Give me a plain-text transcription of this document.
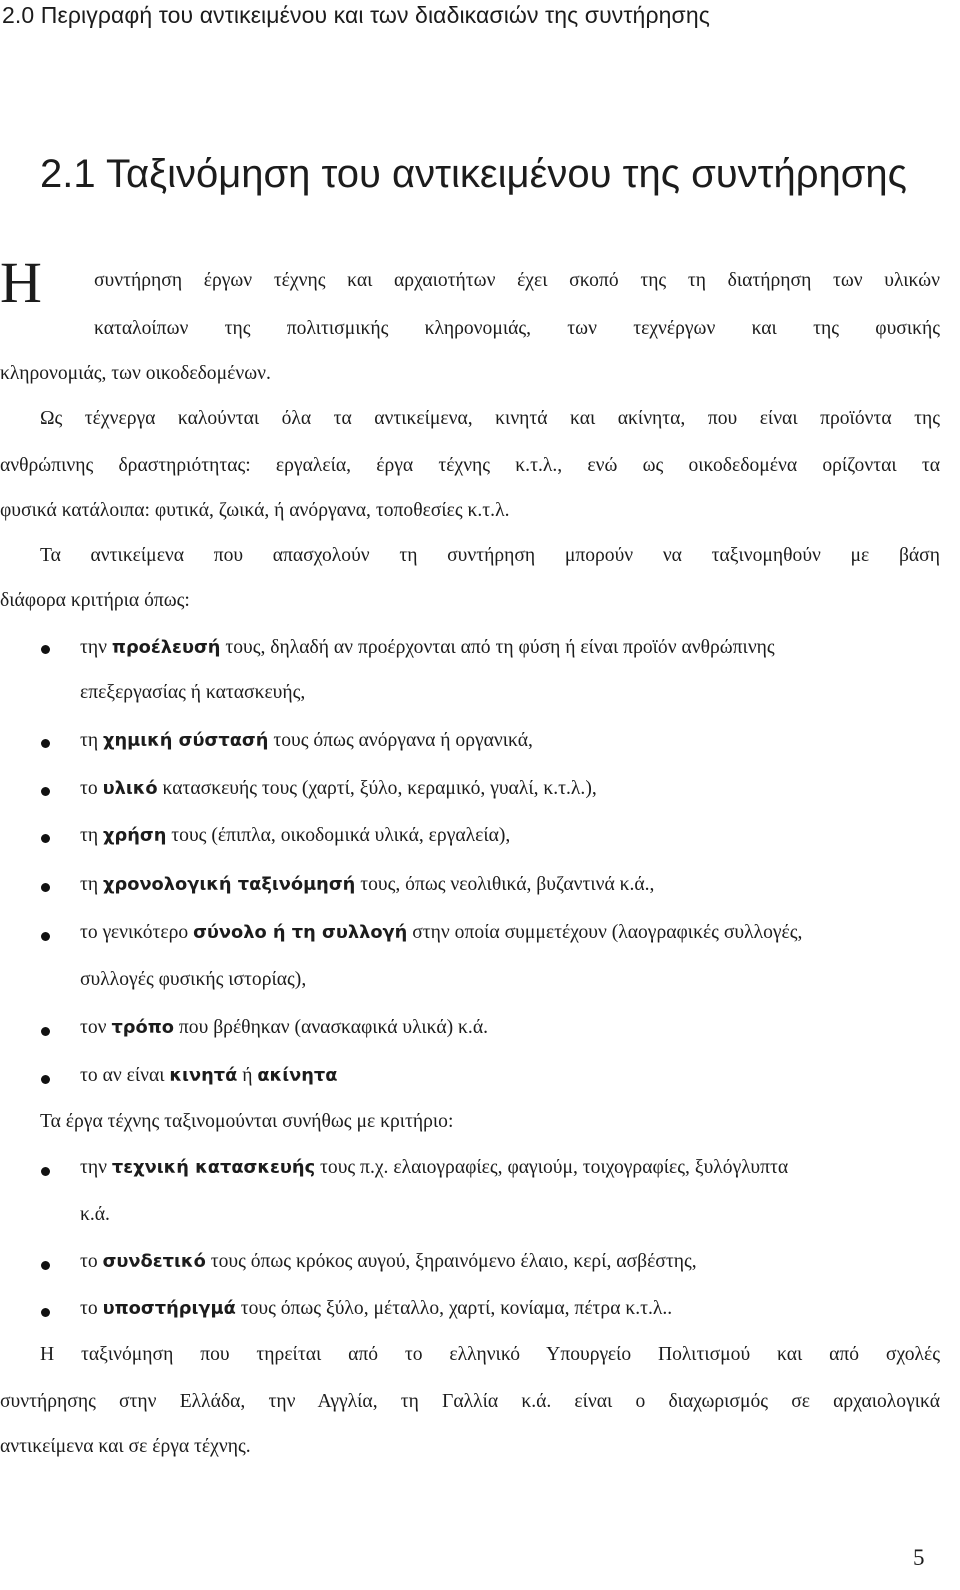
2.0 Περιγραφή του αντικειμένου και των διαδικασιών της συντήρησης
2.1 Ταξινόμηση του αντικειμένου της συντήρησης
Η	συντήρηση έργων τέχνης και αρχαιοτήτων έχει σκοπό της τη διατήρηση των υλικών
καταλοίπων της πολιτισμικής κληρονομιάς, των τεχνέργων και της φυσικής
κληρονομιάς, των οικοδεδομένων.
Ως τέχνεργα καλούνται όλα τα αντικείμενα, κινητά και ακίνητα, που είναι προϊόντα της
ανθρώπινης δραστηριότητας: εργαλεία, έργα τέχνης κ.τ.λ., ενώ ως οικοδεδομένα ορίζονται τα
φυσικά κατάλοιπα: φυτικά, ζωικά, ή ανόργανα, τοποθεσίες κ.τ.λ.
Τα αντικείμενα που απασχολούν τη συντήρηση μπορούν να ταξινομηθούν με βάση
διάφορα κριτήρια όπως:
την προέλευσή τους, δηλαδή αν προέρχονται από τη φύση ή είναι προϊόν ανθρώπινης
επεξεργασίας ή κατασκευής,
τη χημική σύστασή τους όπως ανόργανα ή οργανικά,
το υλικό κατασκευής τους (χαρτί, ξύλο, κεραμικό, γυαλί, κ.τ.λ.),
τη χρήση τους (έπιπλα, οικοδομικά υλικά, εργαλεία),
τη χρονολογική ταξινόμησή τους, όπως νεολιθικά, βυζαντινά κ.ά.,
το γενικότερο σύνολο ή τη συλλογή στην οποία συμμετέχουν (λαογραφικές συλλογές,
συλλογές φυσικής ιστορίας),
τον τρόπο που βρέθηκαν (ανασκαφικά υλικά) κ.ά.
το αν είναι κινητά ή ακίνητα
Τα έργα τέχνης ταξινομούνται συνήθως με κριτήριο:
την τεχνική κατασκευής τους π.χ. ελαιογραφίες, φαγιούμ, τοιχογραφίες, ξυλόγλυπτα
κ.ά.
το συνδετικό τους όπως κρόκος αυγού, ξηραινόμενο έλαιο, κερί, ασβέστης,
το υποστήριγμά τους όπως ξύλο, μέταλλο, χαρτί, κονίαμα, πέτρα κ.τ.λ..
Η ταξινόμηση που τηρείται από το ελληνικό Υπουργείο Πολιτισμού και από σχολές
συντήρησης στην Ελλάδα, την Αγγλία, τη Γαλλία κ.ά. είναι ο διαχωρισμός σε αρχαιολογικά
αντικείμενα και σε έργα τέχνης.
5
